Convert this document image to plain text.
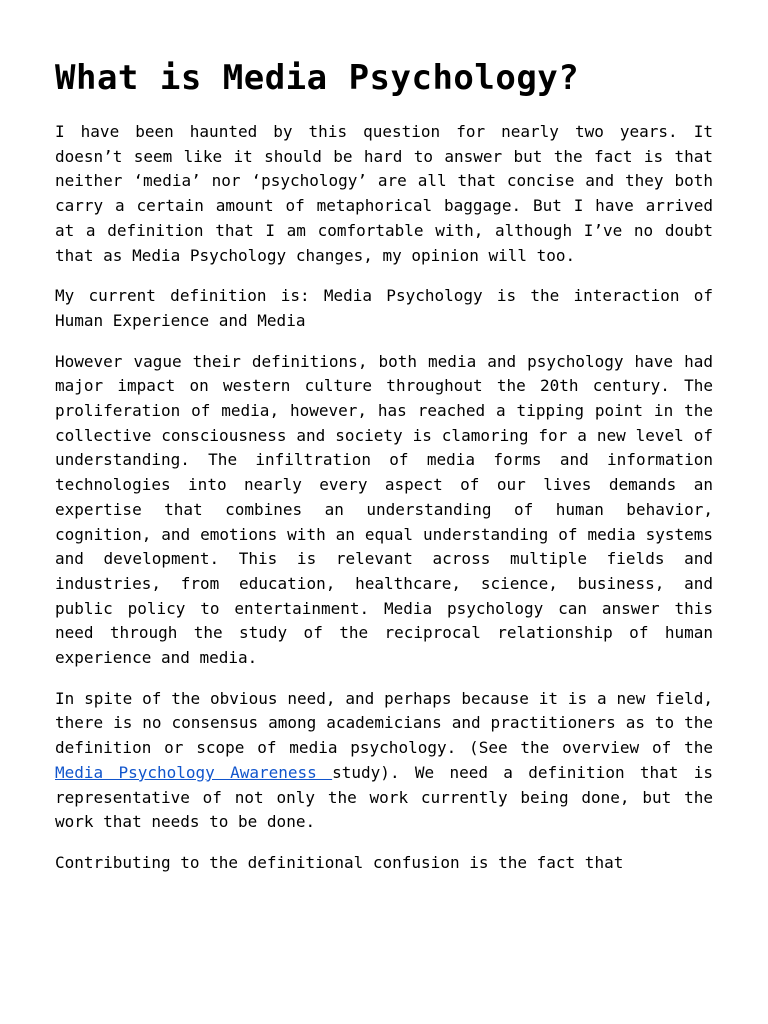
What is Media Psychology?

I have been haunted by this question for nearly two years. It doesn’t seem like it should be hard to answer but the fact is that neither ‘media’ nor ‘psychology’ are all that concise and they both carry a certain amount of metaphorical baggage. But I have arrived at a definition that I am comfortable with, although I’ve no doubt that as Media Psychology changes, my opinion will too.

My current definition is: Media Psychology is the interaction of Human Experience and Media

However vague their definitions, both media and psychology have had major impact on western culture throughout the 20th century. The proliferation of media, however, has reached a tipping point in the collective consciousness and society is clamoring for a new level of understanding. The infiltration of media forms and information technologies into nearly every aspect of our lives demands an expertise that combines an understanding of human behavior, cognition, and emotions with an equal understanding of media systems and development. This is relevant across multiple fields and industries, from education, healthcare, science, business, and public policy to entertainment. Media psychology can answer this need through the study of the reciprocal relationship of human experience and media.

In spite of the obvious need, and perhaps because it is a new field, there is no consensus among academicians and practitioners as to the definition or scope of media psychology. (See the overview of the Media Psychology Awareness study). We need a definition that is representative of not only the work currently being done, but the work that needs to be done.

Contributing to the definitional confusion is the fact that
